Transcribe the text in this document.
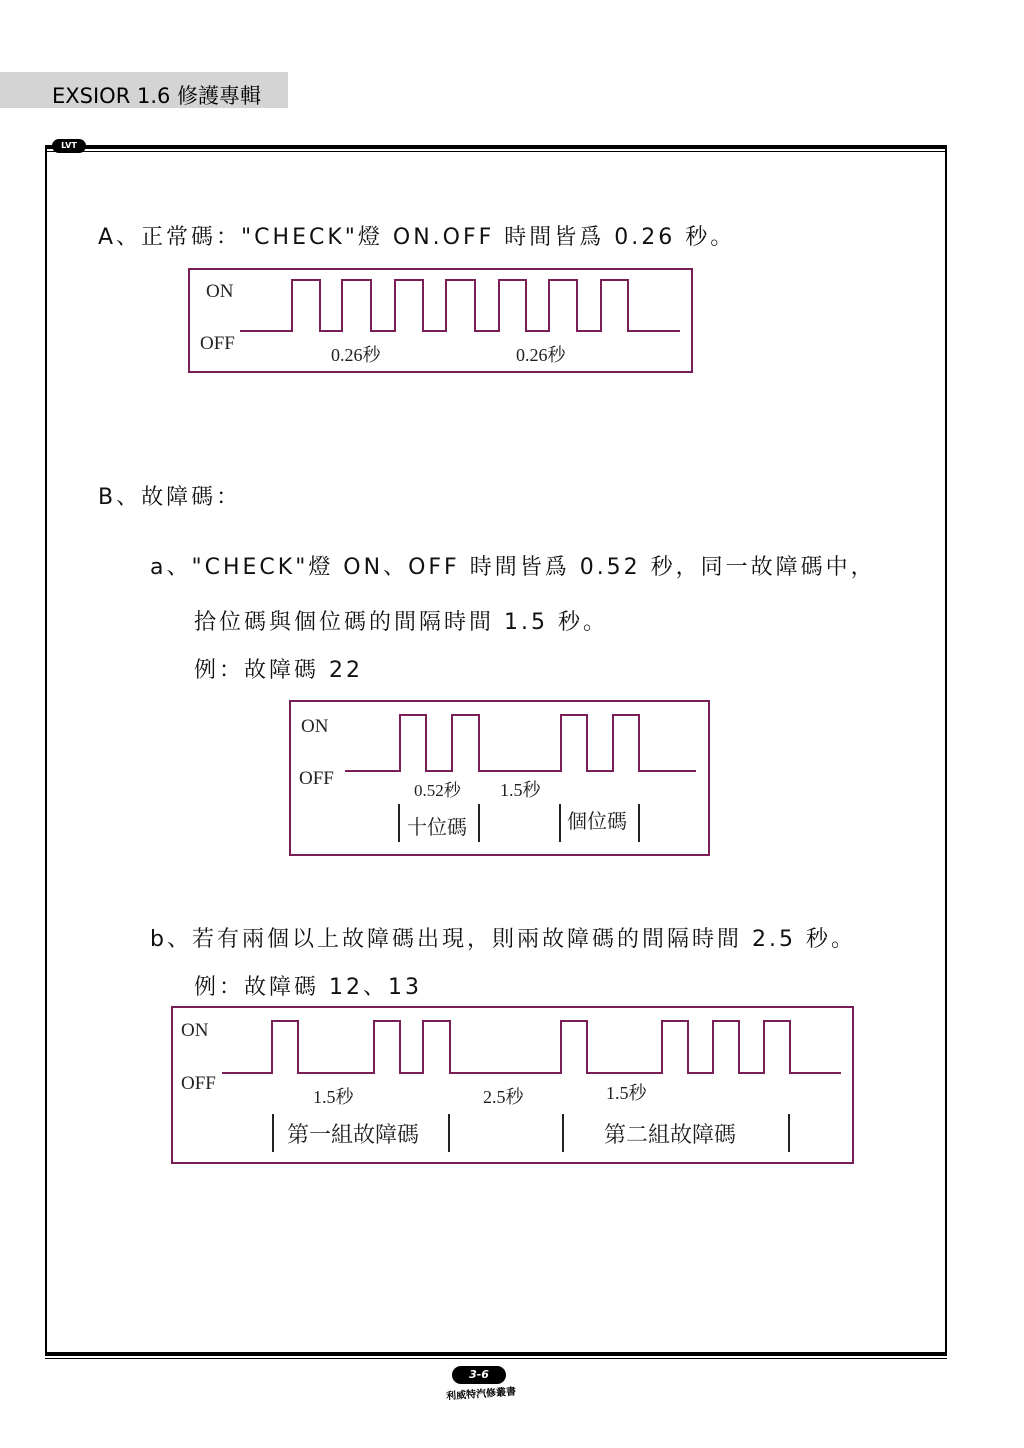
EXSIOR 1.6 修護專輯
LVT
A、正常碼："CHECK"燈 ON.OFF 時間皆爲 0.26 秒。
ON
OFF
0.26秒	0.26秒
B、故障碼：
a、"CHECK"燈 ON、OFF 時間皆爲 0.52 秒，同一故障碼中，
拾位碼與個位碼的間隔時間 1.5 秒。
例：故障碼 22
ON
OFF
0.52秒 1.5秒
十位碼	個位碼
b、若有兩個以上故障碼出現，則兩故障碼的間隔時間 2.5 秒。
例：故障碼 12、13
ON
OFF
1.5秒	2.5秒	1.5秒
第一組故障碼	第二組故障碼
3-6
利威特汽修叢書
